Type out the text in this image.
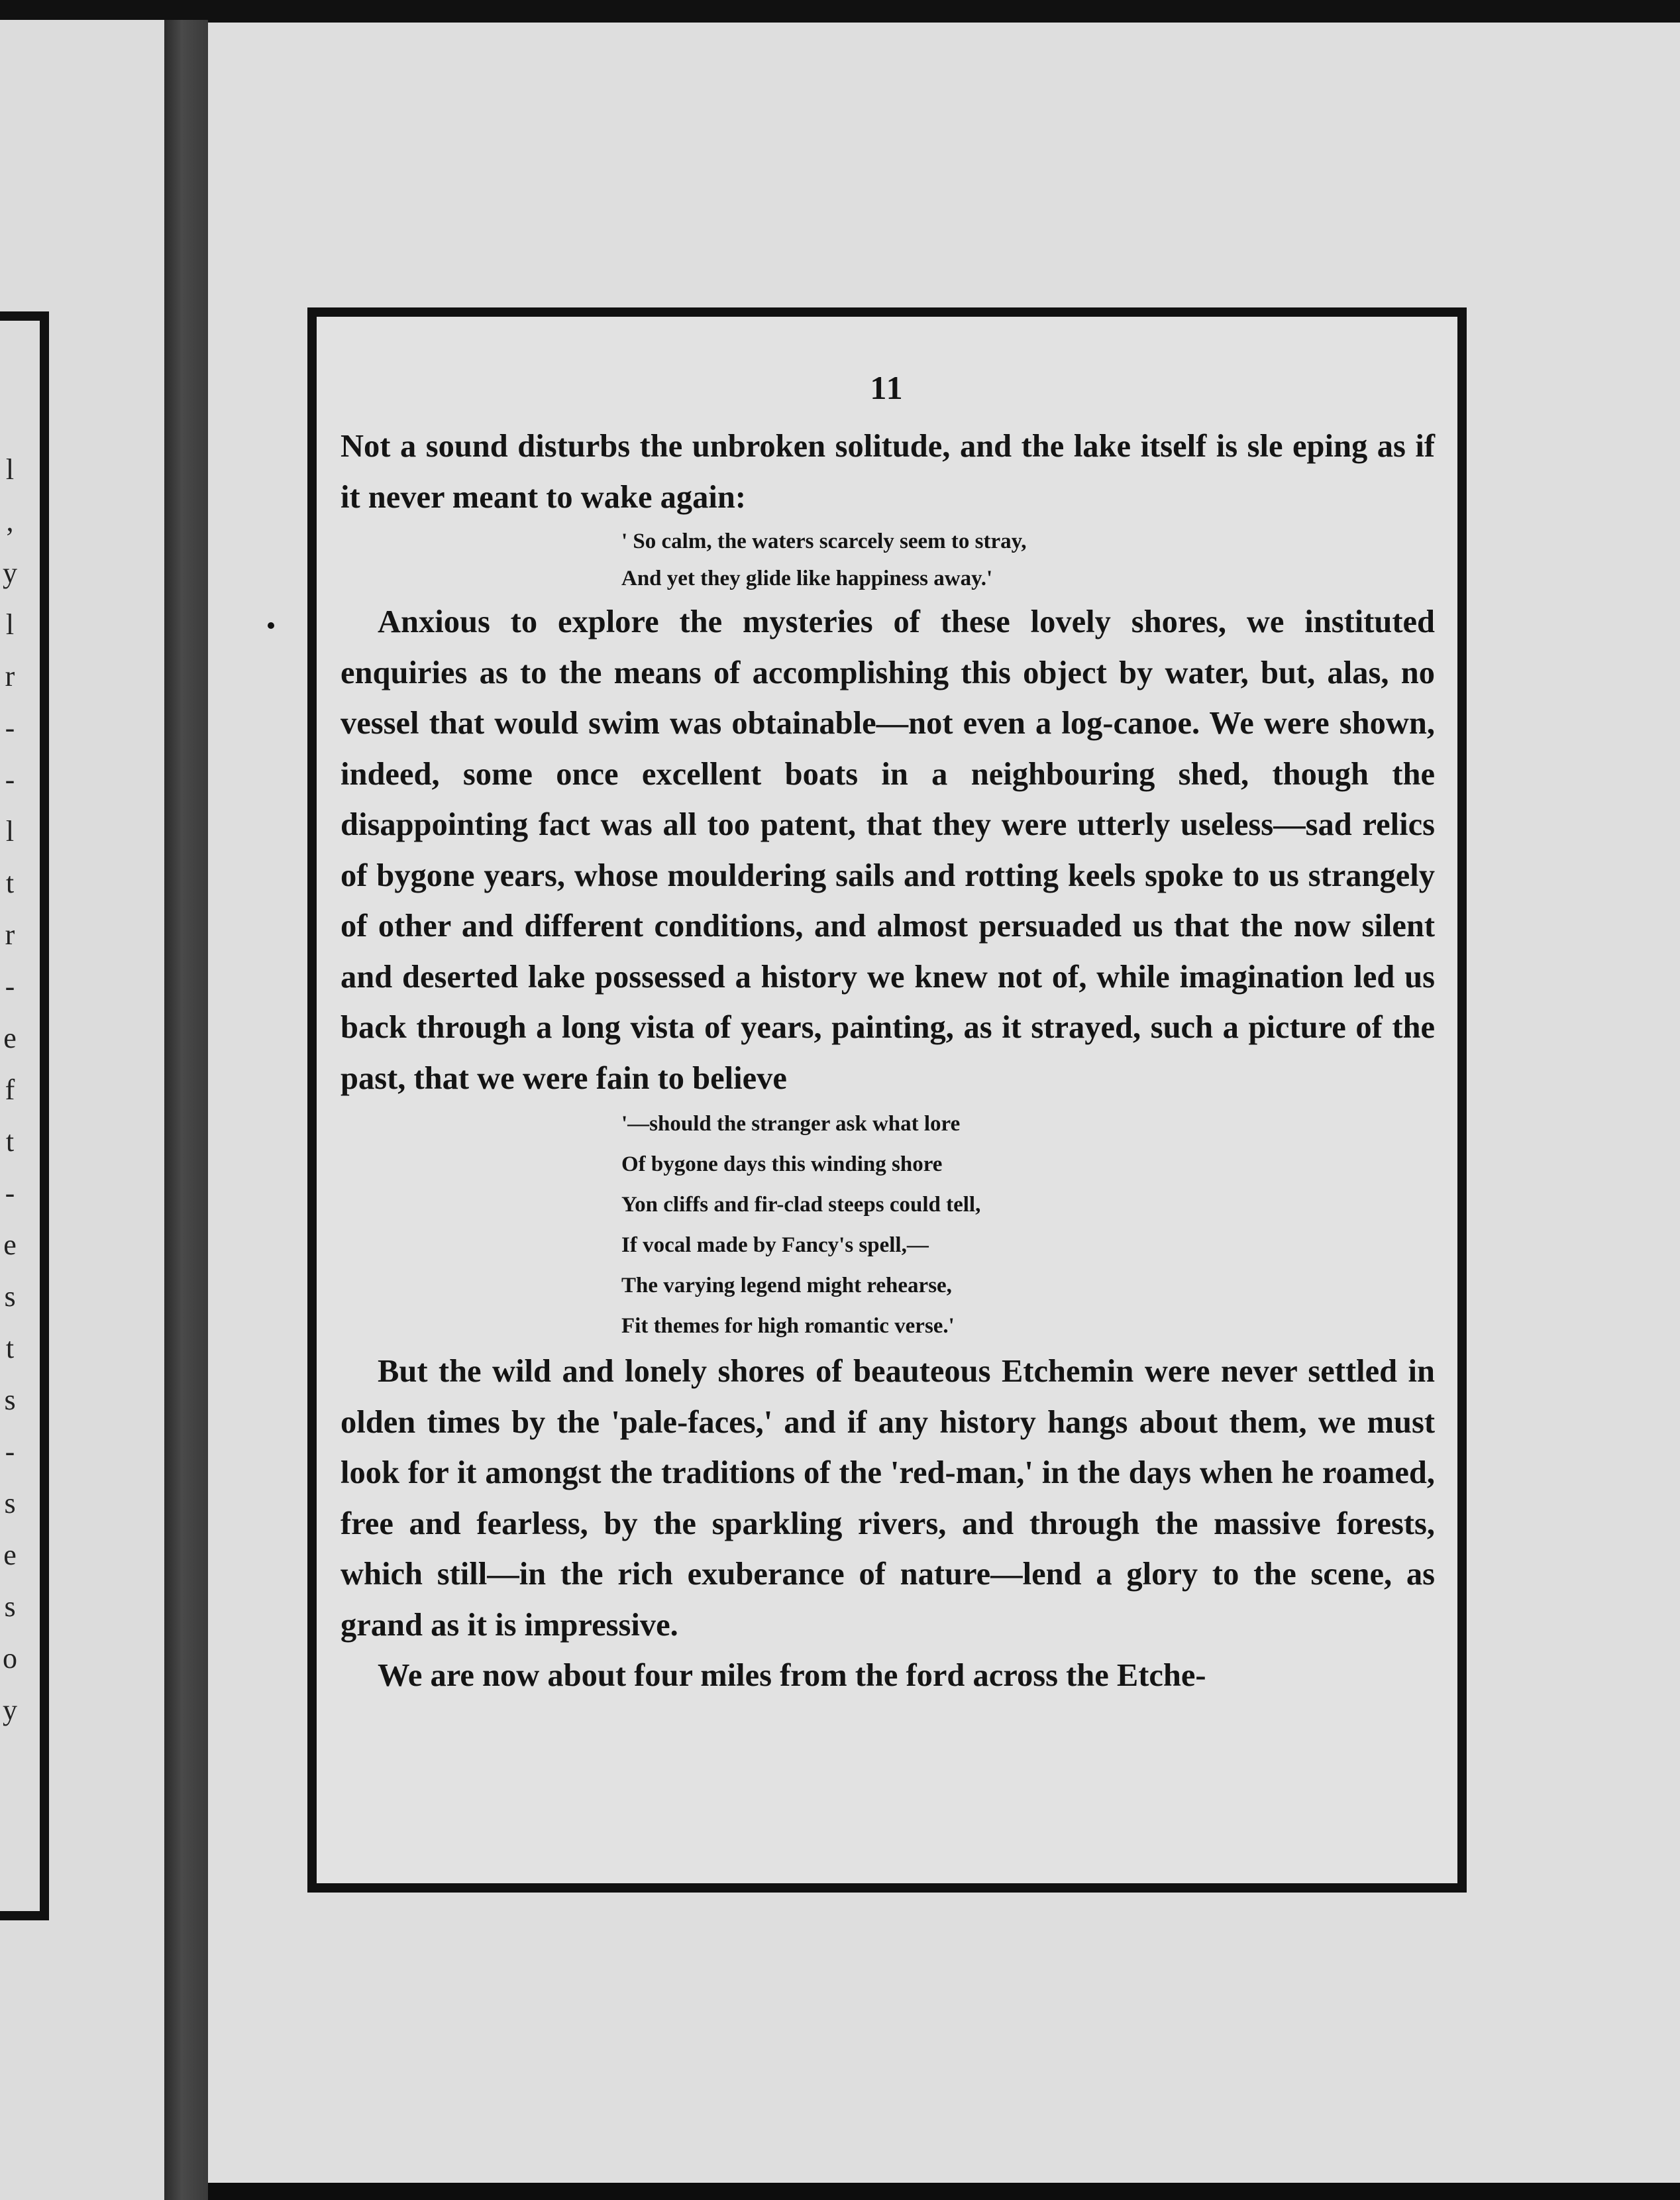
l
,
y
l
r
-
-
l
t
r
-
e
f
t
-
e
s
t
s
-
s
e
s
o
y
11

Not a sound disturbs the unbroken solitude, and the lake itself is sle eping as if it never meant to wake again:

' So calm, the waters scarcely seem to stray,
And yet they glide like happiness away.'

Anxious to explore the mysteries of these lovely shores, we instituted enquiries as to the means of accomplishing this object by water, but, alas, no vessel that would swim was obtainable—not even a log-canoe. We were shown, indeed, some once excellent boats in a neighbouring shed, though the disappointing fact was all too patent, that they were utterly useless—sad relics of bygone years, whose mouldering sails and rotting keels spoke to us strangely of other and different conditions, and almost persuaded us that the now silent and deserted lake possessed a history we knew not of, while imagination led us back through a long vista of years, painting, as it strayed, such a picture of the past, that we were fain to believe

'—should the stranger ask what lore
Of bygone days this winding shore
Yon cliffs and fir-clad steeps could tell,
If vocal made by Fancy's spell,—
The varying legend might rehearse,
Fit themes for high romantic verse.'

But the wild and lonely shores of beauteous Etchemin were never settled in olden times by the 'pale-faces,' and if any history hangs about them, we must look for it amongst the traditions of the 'red-man,' in the days when he roamed, free and fearless, by the sparkling rivers, and through the massive forests, which still—in the rich exuberance of nature—lend a glory to the scene, as grand as it is impressive.

We are now about four miles from the ford across the Etche-
